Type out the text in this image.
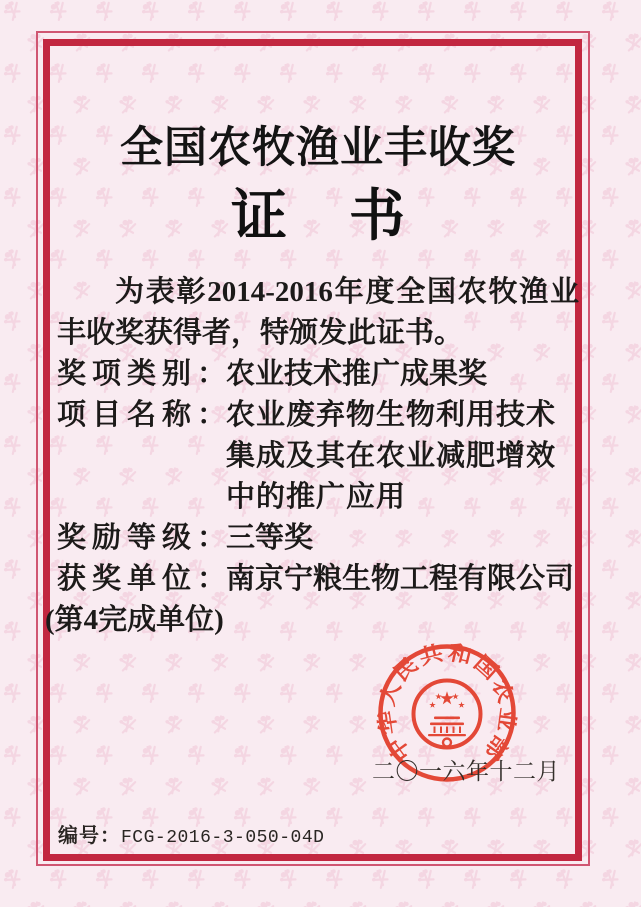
全国农牧渔业丰收奖
证 书

为表彰2014-2016年度全国农牧渔业丰收奖获得者，特颁发此证书。

奖项类别：农业技术推广成果奖
项目名称：农业废弃物生物利用技术集成及其在农业减肥增效中的推广应用
奖励等级：三等奖
获奖单位：南京宁粮生物工程有限公司
(第4完成单位)
中华人民共和国农业部
二〇一六年十二月
编号：FCG-2016-3-050-04D
